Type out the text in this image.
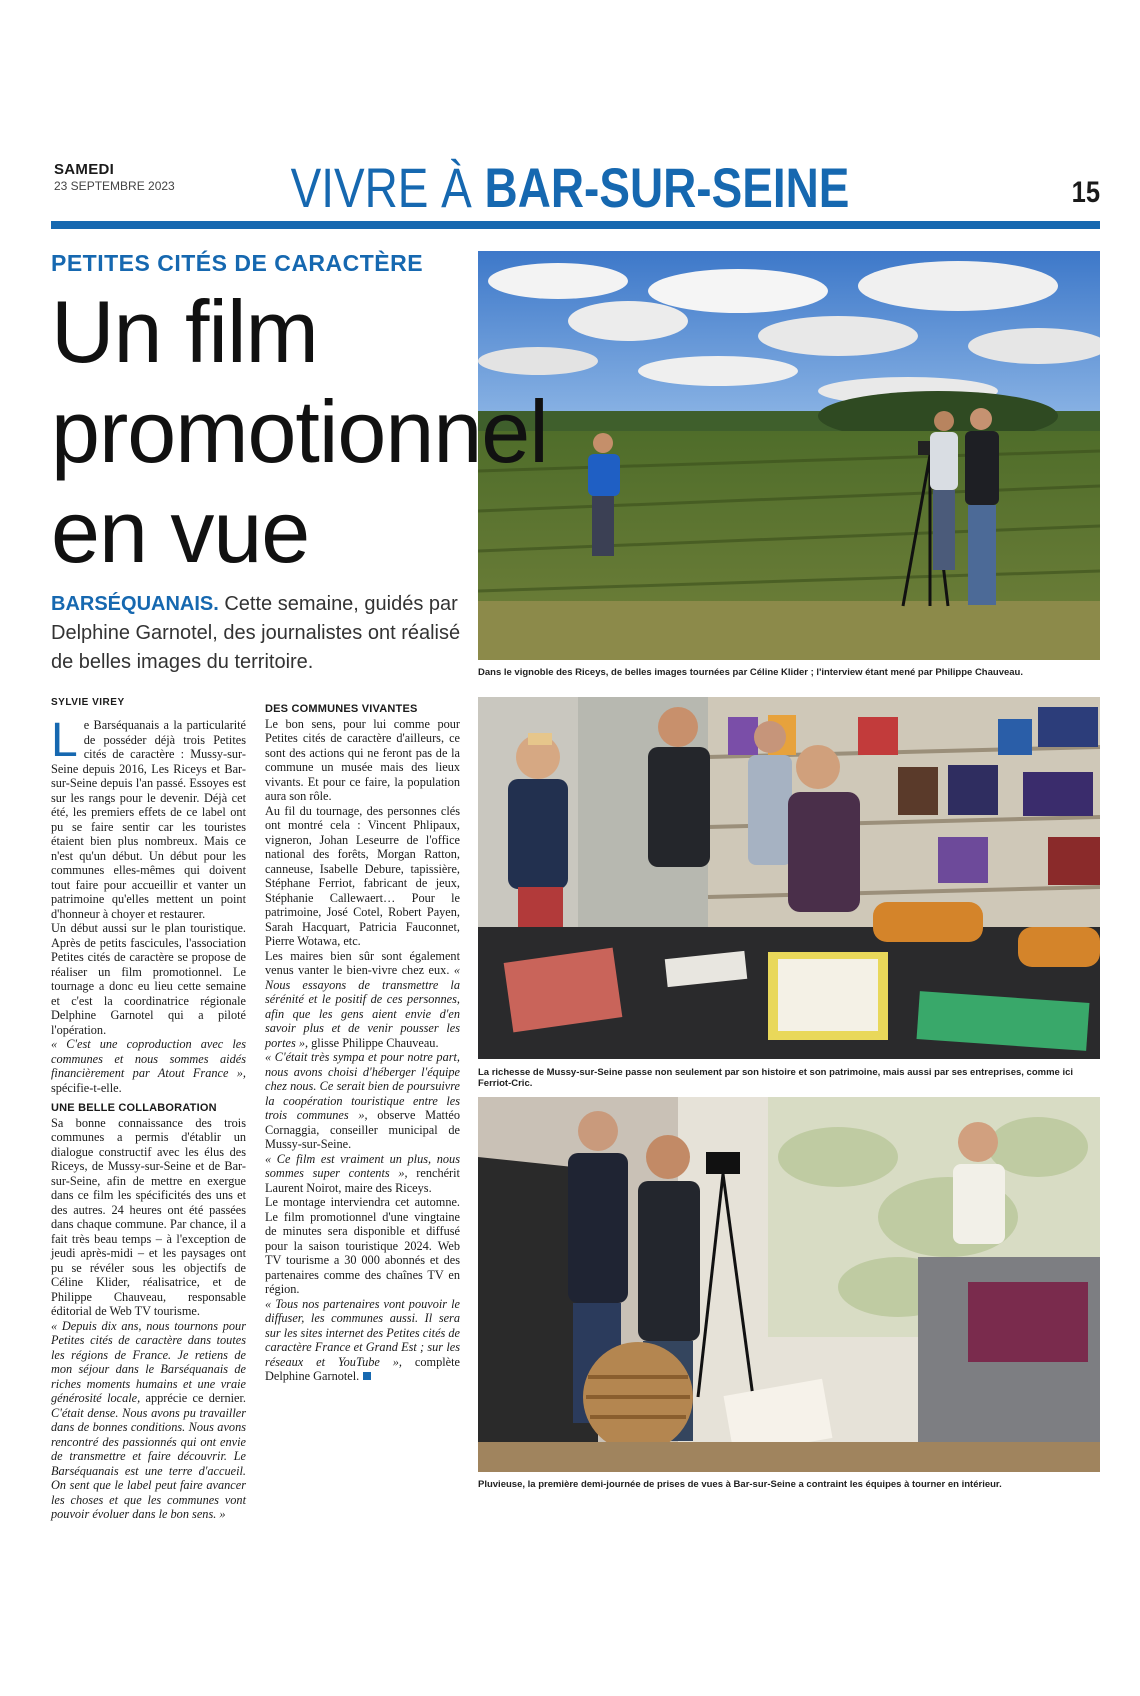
SAMEDI
23 SEPTEMBRE 2023	VIVRE À BAR-SUR-SEINE	15
PETITES CITÉS DE CARACTÈRE
Un film
promotionnel
en vue
BARSÉQUANAIS. Cette semaine, guidés par Delphine Garnotel, des journalistes ont réalisé de belles images du territoire.
SYLVIE VIREY

Le Barséquanais a la particularité de posséder déjà trois Petites cités de caractère : Mussy-sur-Seine depuis 2016, Les Riceys et Bar-sur-Seine depuis l'an passé. Essoyes est sur les rangs pour le devenir. Déjà cet été, les premiers effets de ce label ont pu se faire sentir car les touristes étaient bien plus nombreux. Mais ce n'est qu'un début. Un début pour les communes elles-mêmes qui doivent tout faire pour accueillir et vanter un patrimoine qu'elles mettent un point d'honneur à choyer et restaurer.

Un début aussi sur le plan touristique. Après de petits fascicules, l'association Petites cités de caractère se propose de réaliser un film promotionnel. Le tournage a donc eu lieu cette semaine et c'est la coordinatrice régionale Delphine Garnotel qui a piloté l'opération.

« C'est une coproduction avec les communes et nous sommes aidés financièrement par Atout France », spécifie-t-elle.

UNE BELLE COLLABORATION

Sa bonne connaissance des trois communes a permis d'établir un dialogue constructif avec les élus des Riceys, de Mussy-sur-Seine et de Bar-sur-Seine, afin de mettre en exergue dans ce film les spécificités des uns et des autres. 24 heures ont été passées dans chaque commune. Par chance, il a fait très beau temps – à l'exception de jeudi après-midi – et les paysages ont pu se révéler sous les objectifs de Céline Klider, réalisatrice, et de Philippe Chauveau, responsable éditorial de Web TV tourisme.

« Depuis dix ans, nous tournons pour Petites cités de caractère dans toutes les régions de France. Je retiens de mon séjour dans le Barséquanais de riches moments humains et une vraie générosité locale, apprécie ce dernier. C'était dense. Nous avons pu travailler dans de bonnes conditions. Nous avons rencontré des passionnés qui ont envie de transmettre et faire découvrir. Le Barséquanais est une terre d'accueil. On sent que le label peut faire avancer les choses et que les communes vont pouvoir évoluer dans le bon sens. »

DES COMMUNES VIVANTES

Le bon sens, pour lui comme pour Petites cités de caractère d'ailleurs, ce sont des actions qui ne feront pas de la commune un musée mais des lieux vivants. Et pour ce faire, la population aura son rôle.

Au fil du tournage, des personnes clés ont montré cela : Vincent Phlipaux, vigneron, Johan Leseurre de l'office national des forêts, Morgan Ratton, canneuse, Isabelle Debure, tapissière, Stéphane Ferriot, fabricant de jeux, Stéphanie Callewaert… Pour le patrimoine, José Cotel, Robert Payen, Sarah Hacquart, Patricia Fauconnet, Pierre Wotawa, etc.

Les maires bien sûr sont également venus vanter le bien-vivre chez eux. « Nous essayons de transmettre la sérénité et le positif de ces personnes, afin que les gens aient envie d'en savoir plus et de venir pousser les portes », glisse Philippe Chauveau.

« C'était très sympa et pour notre part, nous avons choisi d'héberger l'équipe chez nous. Ce serait bien de poursuivre la coopération touristique entre les trois communes », observe Mattéo Cornaggia, conseiller municipal de Mussy-sur-Seine.

« Ce film est vraiment un plus, nous sommes super contents », renchérit Laurent Noirot, maire des Riceys.

Le montage interviendra cet automne. Le film promotionnel d'une vingtaine de minutes sera disponible et diffusé pour la saison touristique 2024. Web TV tourisme a 30 000 abonnés et des partenaires comme des chaînes TV en région.

« Tous nos partenaires vont pouvoir le diffuser, les communes aussi. Il sera sur les sites internet des Petites cités de caractère France et Grand Est ; sur les réseaux et YouTube », complète Delphine Garnotel.

Dans le vignoble des Riceys, de belles images tournées par Céline Klider ; l'interview étant mené par Philippe Chauveau.
La richesse de Mussy-sur-Seine passe non seulement par son histoire et son patrimoine, mais aussi par ses entreprises, comme ici Ferriot-Cric.
Pluvieuse, la première demi-journée de prises de vues à Bar-sur-Seine a contraint les équipes à tourner en intérieur.
